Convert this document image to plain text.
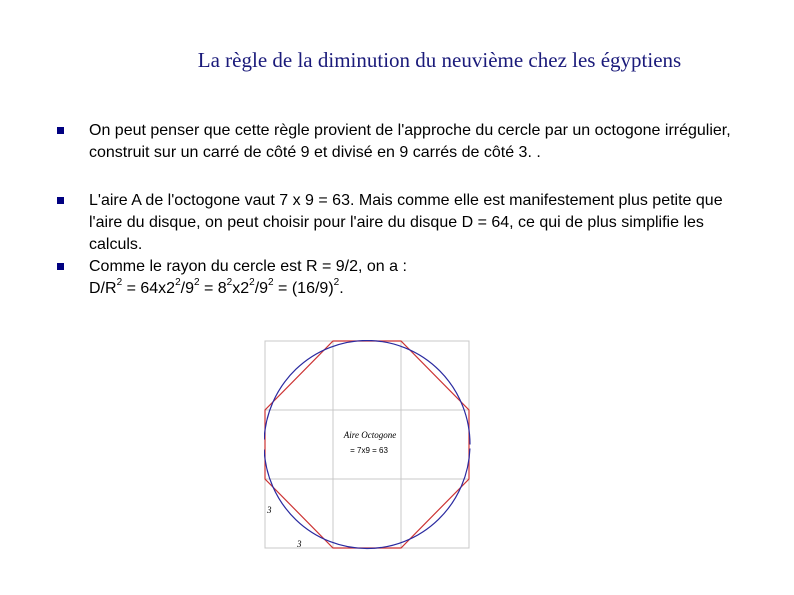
La règle de la diminution du neuvième chez les égyptiens
On peut penser que cette règle provient de l'approche du cercle par un octogone irrégulier, construit sur un carré de côté 9 et divisé en 9 carrés de côté 3. .
L'aire A de l'octogone vaut 7 x 9 = 63. Mais comme elle est manifestement plus petite que l'aire du disque, on peut choisir pour l'aire du disque D = 64, ce qui de plus simplifie les calculs.
Comme le rayon du cercle est R = 9/2, on a :
$D/R^2 = 64x2^2/9^2 = 8^2x2^2/9^2 = (16/9)^2$.
Aire Octogone
= 7x9 = 63
3
3
